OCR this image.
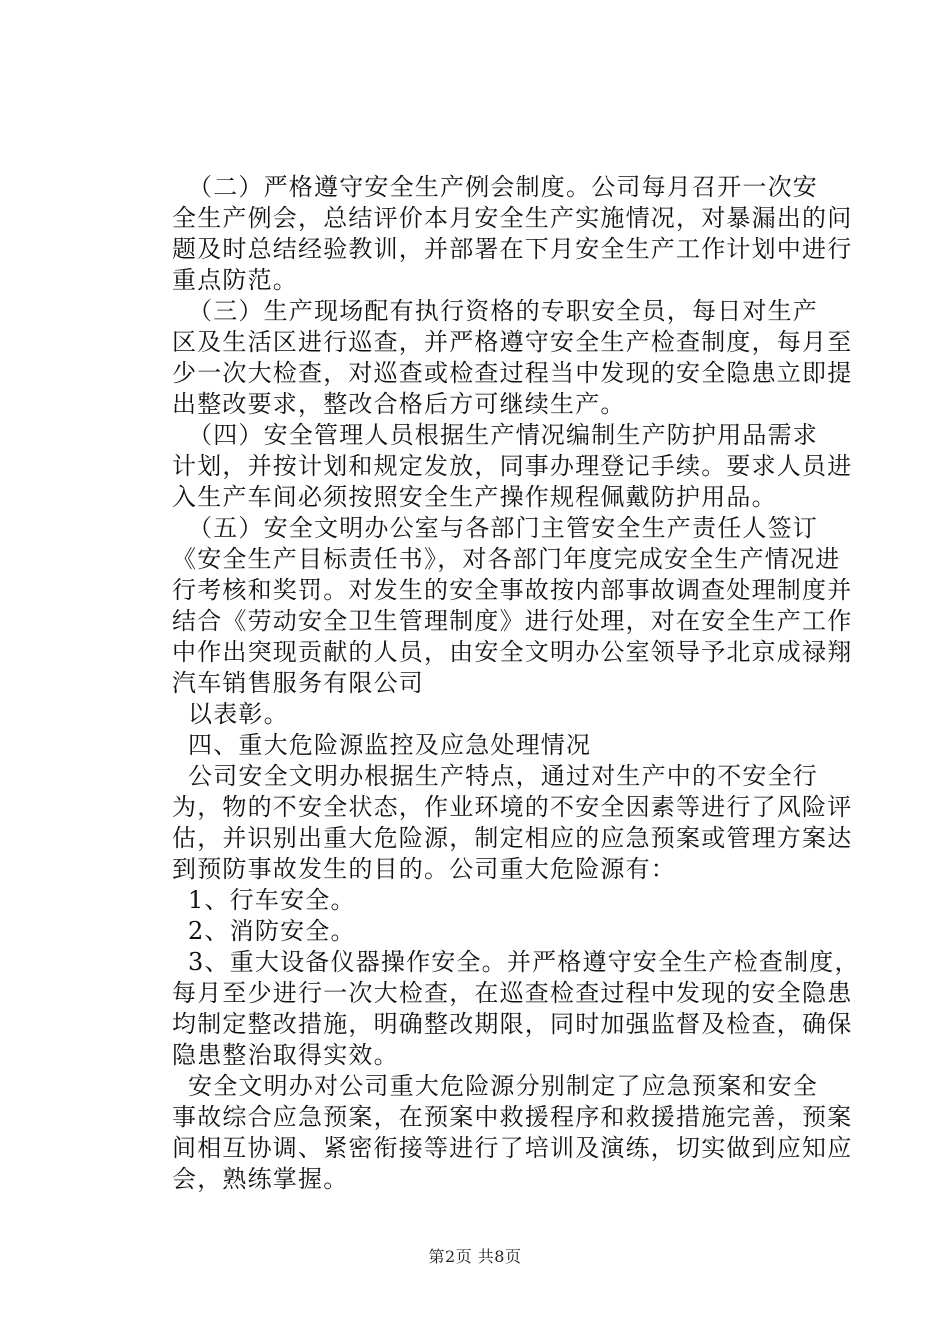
（二）严格遵守安全生产例会制度。公司每月召开一次安
全生产例会，总结评价本月安全生产实施情况，对暴漏出的问
题及时总结经验教训，并部署在下月安全生产工作计划中进行
重点防范。
（三）生产现场配有执行资格的专职安全员，每日对生产
区及生活区进行巡查，并严格遵守安全生产检查制度，每月至
少一次大检查，对巡查或检查过程当中发现的安全隐患立即提
出整改要求，整改合格后方可继续生产。
（四）安全管理人员根据生产情况编制生产防护用品需求
计划，并按计划和规定发放，同事办理登记手续。要求人员进
入生产车间必须按照安全生产操作规程佩戴防护用品。
（五）安全文明办公室与各部门主管安全生产责任人签订
《安全生产目标责任书》，对各部门年度完成安全生产情况进
行考核和奖罚。对发生的安全事故按内部事故调查处理制度并
结合《劳动安全卫生管理制度》进行处理，对在安全生产工作
中作出突现贡献的人员，由安全文明办公室领导予北京成禄翔
汽车销售服务有限公司
以表彰。
四、重大危险源监控及应急处理情况
公司安全文明办根据生产特点，通过对生产中的不安全行
为，物的不安全状态，作业环境的不安全因素等进行了风险评
估，并识别出重大危险源，制定相应的应急预案或管理方案达
到预防事故发生的目的。公司重大危险源有：
1、行车安全。
2、消防安全。
3、重大设备仪器操作安全。并严格遵守安全生产检查制度，
每月至少进行一次大检查，在巡查检查过程中发现的安全隐患
均制定整改措施，明确整改期限，同时加强监督及检查，确保
隐患整治取得实效。
安全文明办对公司重大危险源分别制定了应急预案和安全
事故综合应急预案，在预案中救援程序和救援措施完善，预案
间相互协调、紧密衔接等进行了培训及演练，切实做到应知应
会，熟练掌握。
第2页 共8页
